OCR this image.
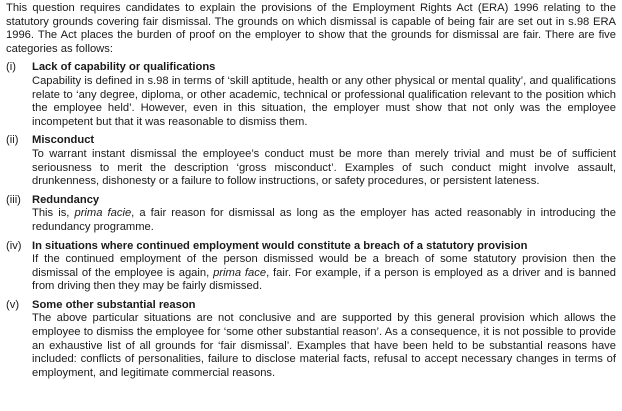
This question requires candidates to explain the provisions of the Employment Rights Act (ERA) 1996 relating to the statutory grounds covering fair dismissal. The grounds on which dismissal is capable of being fair are set out in s.98 ERA 1996. The Act places the burden of proof on the employer to show that the grounds for dismissal are fair. There are five categories as follows:

(i) Lack of capability or qualifications

Capability is defined in s.98 in terms of ‘skill aptitude, health or any other physical or mental quality’, and qualifications relate to ‘any degree, diploma, or other academic, technical or professional qualification relevant to the position which the employee held’. However, even in this situation, the employer must show that not only was the employee incompetent but that it was reasonable to dismiss them.

(ii) Misconduct

To warrant instant dismissal the employee’s conduct must be more than merely trivial and must be of sufficient seriousness to merit the description ‘gross misconduct’. Examples of such conduct might involve assault, drunkenness, dishonesty or a failure to follow instructions, or safety procedures, or persistent lateness.

(iii) Redundancy

This is, prima facie, a fair reason for dismissal as long as the employer has acted reasonably in introducing the redundancy programme.

(iv) In situations where continued employment would constitute a breach of a statutory provision

If the continued employment of the person dismissed would be a breach of some statutory provision then the dismissal of the employee is again, prima face, fair. For example, if a person is employed as a driver and is banned from driving then they may be fairly dismissed.

(v) Some other substantial reason

The above particular situations are not conclusive and are supported by this general provision which allows the employee to dismiss the employee for ‘some other substantial reason’. As a consequence, it is not possible to provide an exhaustive list of all grounds for ‘fair dismissal’. Examples that have been held to be substantial reasons have included: conflicts of personalities, failure to disclose material facts, refusal to accept necessary changes in terms of employment, and legitimate commercial reasons.
